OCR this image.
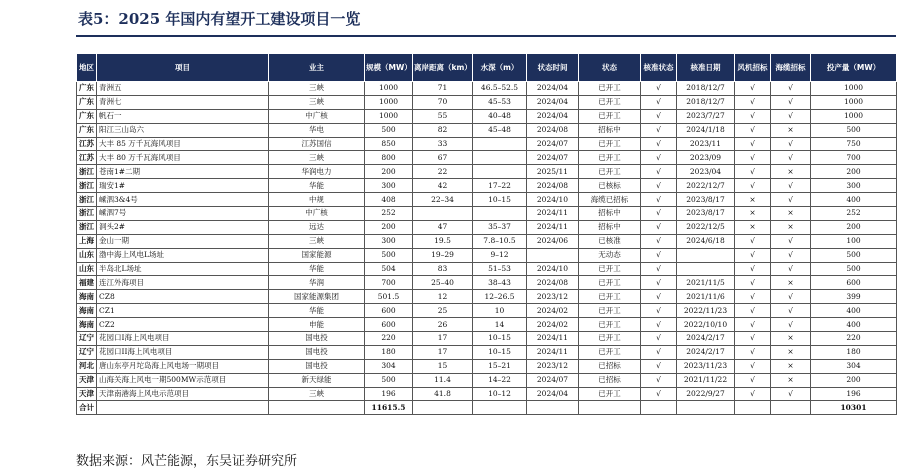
表5：2025 年国内有望开工建设项目一览
地区	项目	业主	规模（MW）	离岸距离（km）	水深（m）	状态时间	状态	核准状态	核准日期	风机招标	海缆招标	投产量（MW）
广东	青洲五	三峡	1000	71	46.5–52.5	2024/04	已开工	√	2018/12/7	√	√	1000
广东	青洲七	三峡	1000	70	45–53	2024/04	已开工	√	2018/12/7	√	√	1000
广东	帆石一	中广核	1000	55	40–48	2024/04	已开工	√	2023/7/27	√	√	1000
广东	阳江三山岛六	华电	500	82	45–48	2024/08	招标中	√	2024/1/18	√	×	500
江苏	大丰 85 万千瓦海风项目	江苏国信	850	33		2024/07	已开工	√	2023/11	√	√	750
江苏	大丰 80 万千瓦海风项目	三峡	800	67		2024/07	已开工	√	2023/09	√	√	700
浙江	苍南1#二期	华润电力	200	22		2025/11	已开工	√	2023/04	√	×	200
浙江	瑞安1#	华能	300	42	17–22	2024/08	已核标	√	2022/12/7	√	√	300
浙江	嵊泗3&4号	中规	408	22–34	10–15	2024/10	海缆已招标	√	2023/8/17	×	√	400
浙江	嵊泗7号	中广核	252			2024/11	招标中	√	2023/8/17	×	×	252
浙江	洞头2#	远达	200	47	35–37	2024/11	招标中	√	2022/12/5	×	×	200
上海	金山一期	三峡	300	19.5	7.8–10.5	2024/06	已核准	√	2024/6/18	√	√	100
山东	渤中海上风电L场址	国家能源	500	19–29	9–12		无动态	√		√	√	500
山东	半岛北L场址	华能	504	83	51–53	2024/10	已开工	√		√	√	500
福建	连江外海项目	华润	700	25–40	38–43	2024/08	已开工	√	2021/11/5	√	×	600
海南	CZ8	国家能源集团	501.5	12	12–26.5	2023/12	已开工	√	2021/11/6	√	√	399
海南	CZ1	华能	600	25	10	2024/02	已开工	√	2022/11/23	√	√	400
海南	CZ2	申能	600	26	14	2024/02	已开工	√	2022/10/10	√	√	400
辽宁	花园口I海上风电项目	国电投	220	17	10–15	2024/11	已开工	√	2024/2/17	√	×	220
辽宁	花园口II海上风电项目	国电投	180	17	10–15	2024/11	已开工	√	2024/2/17	√	×	180
河北	唐山东亭月坨岛海上风电场一期项目	国电投	304	15	15–21	2023/12	已招标	√	2023/11/23	√	×	304
天津	山海关海上风电一期500MW示范项目	新天绿能	500	11.4	14–22	2024/07	已招标	√	2021/11/22	√	×	200
天津	天津南港海上风电示范项目	三峡	196	41.8	10–12	2024/04	已开工	√	2022/9/27	√	√	196
合计			11615.5									10301
数据来源：风芒能源，东吴证券研究所
